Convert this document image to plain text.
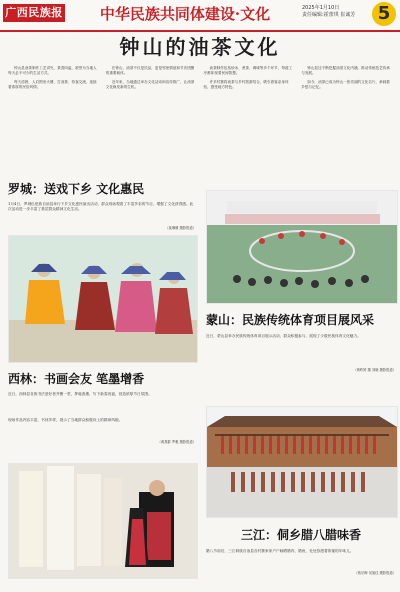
广西民族报	中华民族共同体建设·文化	2025年1月10日
责任编辑:霍蕾琪 崔诚芳	5
钟山的油茶文化

钟山县油茶制作工艺讲究，茶香四溢，被誉为当地人每天必不可少的生活方式。

每天清晨，人们围坐火塘，打油茶、待客交流，延续着浓厚的民俗风情。

在钟山，油茶不仅是饮品，更是邻里情谊和节庆团聚的重要载体。

近年来，当地通过举办文化活动和宣传推广，让油茶文化焕发新的生机。

油茶制作包括炒米、煮茶、调味等多个环节，每道工序都体现着民间智慧。

许多村寨将油茶与乡村旅游结合，吸引游客亲身体验，感受地方特色。

钟山县还不断挖掘油茶文化内涵，推动传统技艺传承与发展。

如今，油茶已成为钟山一张亮丽的文化名片，承载着乡愁与记忆。

罗城：送戏下乡 文化惠民
1月4日，罗城仫佬族自治县举行下乡文化惠民演出活动，群众现场观看了丰富多彩的节目，增强了文化获得感。此次活动进一步丰富了基层群众精神文化生活。
（莫琳珊 摄影报道）
西林：书画会友 笔墨增香
近日，西林县各族书法爱好者齐聚一堂，挥毫泼墨，写下新春祝福，营造浓厚节日氛围。
现场作品内容丰富，书体多样，展示了当地群众积极向上的精神风貌。
（黄燕群 罗雅 摄影报道）
蒙山：民族传统体育项目展风采
近日，蒙山县举办民族传统体育项目展示活动，群众积极参与，展现了少数民族体育文化魅力。
（黄昨婷 摄 刘晓 摄影报道）
三江：侗乡腊八腊味香
腊八节前后，三江侗族自治县各村寨家家户户晾晒腊肉、腊鱼，处处弥漫着浓郁的年味儿。
（蒋宗梅 吴旭佳 摄影报道）
